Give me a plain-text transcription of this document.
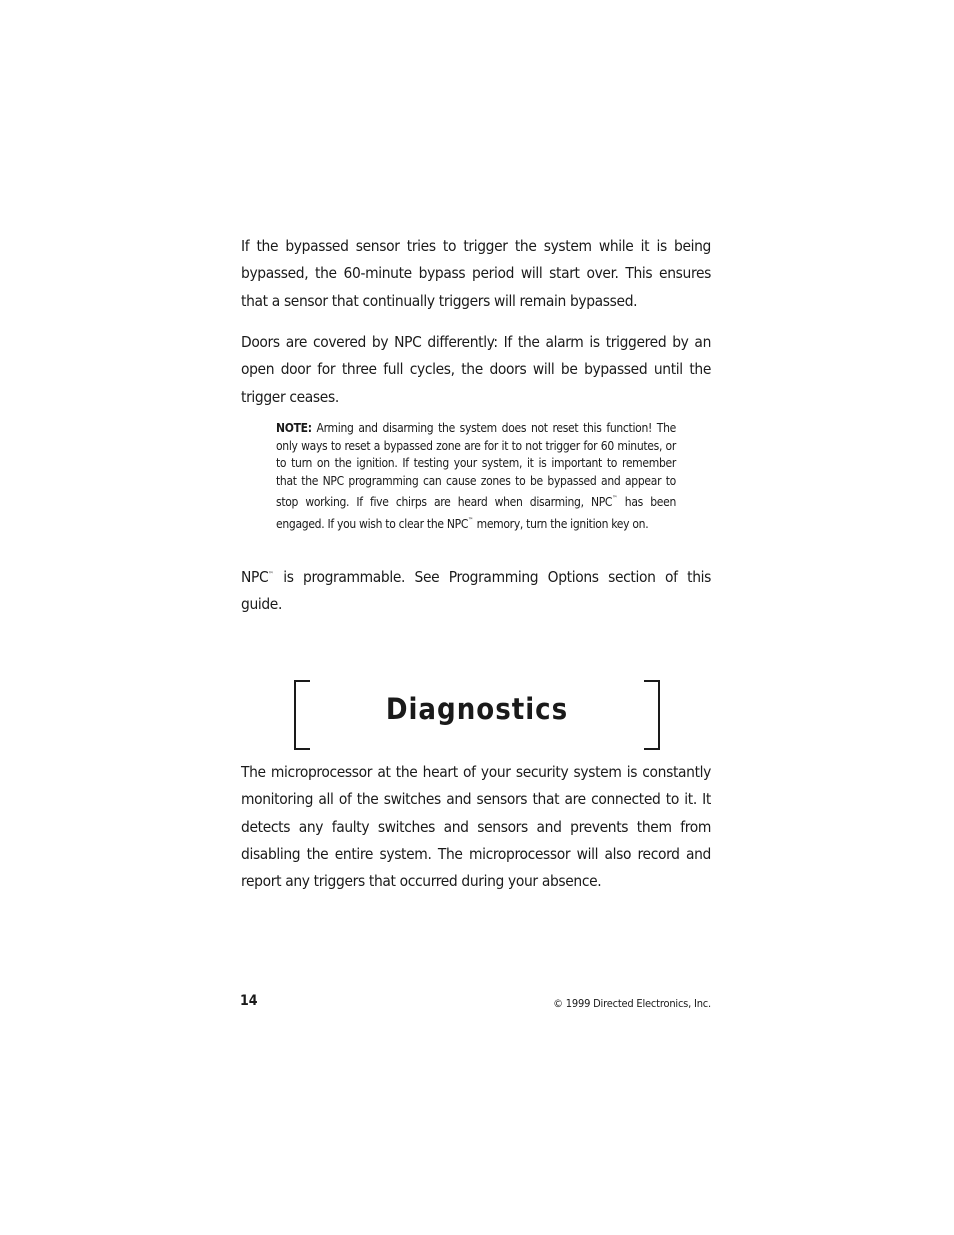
If the bypassed sensor tries to trigger the system while it is being bypassed, the 60-minute bypass period will start over. This ensures that a sensor that continually triggers will remain bypassed.

Doors are covered by NPC differently: If the alarm is triggered by an open door for three full cycles, the doors will be bypassed until the trigger ceases.

NOTE: Arming and disarming the system does not reset this function! The only ways to reset a bypassed zone are for it to not trigger for 60 minutes, or to turn on the ignition. If testing your system, it is important to remember that the NPC programming can cause zones to be bypassed and appear to stop working. If five chirps are heard when disarming, NPC™ has been engaged. If you wish to clear the NPC™ memory, turn the ignition key on.

NPC™ is programmable. See Programming Options section of this guide.

Diagnostics

The microprocessor at the heart of your security system is constantly monitoring all of the switches and sensors that are connected to it. It detects any faulty switches and sensors and prevents them from disabling the entire system. The microprocessor will also record and report any triggers that occurred during your absence.

14	© 1999 Directed Electronics, Inc.
